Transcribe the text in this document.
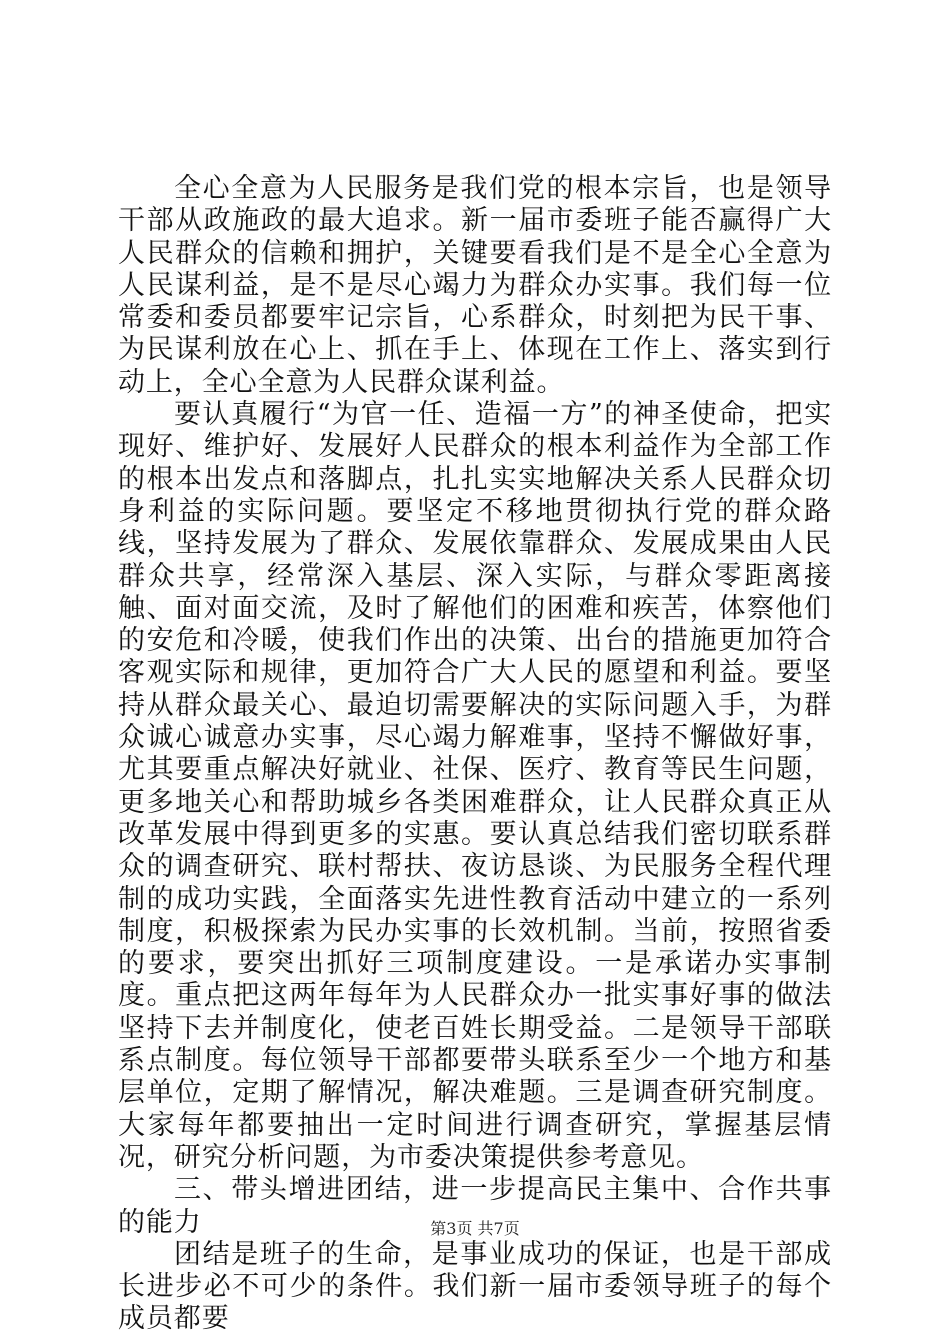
全心全意为人民服务是我们党的根本宗旨，也是领导干部从政施政的最大追求。新一届市委班子能否赢得广大人民群众的信赖和拥护，关键要看我们是不是全心全意为人民谋利益，是不是尽心竭力为群众办实事。我们每一位常委和委员都要牢记宗旨，心系群众，时刻把为民干事、为民谋利放在心上、抓在手上、体现在工作上、落实到行动上，全心全意为人民群众谋利益。

要认真履行“为官一任、造福一方”的神圣使命，把实现好、维护好、发展好人民群众的根本利益作为全部工作的根本出发点和落脚点，扎扎实实地解决关系人民群众切身利益的实际问题。要坚定不移地贯彻执行党的群众路线，坚持发展为了群众、发展依靠群众、发展成果由人民群众共享，经常深入基层、深入实际，与群众零距离接触、面对面交流，及时了解他们的困难和疾苦，体察他们的安危和冷暖，使我们作出的决策、出台的措施更加符合客观实际和规律，更加符合广大人民的愿望和利益。要坚持从群众最关心、最迫切需要解决的实际问题入手，为群众诚心诚意办实事，尽心竭力解难事，坚持不懈做好事，尤其要重点解决好就业、社保、医疗、教育等民生问题，更多地关心和帮助城乡各类困难群众，让人民群众真正从改革发展中得到更多的实惠。要认真总结我们密切联系群众的调查研究、联村帮扶、夜访恳谈、为民服务全程代理制的成功实践，全面落实先进性教育活动中建立的一系列制度，积极探索为民办实事的长效机制。当前，按照省委的要求，要突出抓好三项制度建设。一是承诺办实事制度。重点把这两年每年为人民群众办一批实事好事的做法坚持下去并制度化，使老百姓长期受益。二是领导干部联系点制度。每位领导干部都要带头联系至少一个地方和基层单位，定期了解情况，解决难题。三是调查研究制度。大家每年都要抽出一定时间进行调查研究，掌握基层情况，研究分析问题，为市委决策提供参考意见。

三、带头增进团结，进一步提高民主集中、合作共事的能力

团结是班子的生命，是事业成功的保证，也是干部成长进步必不可少的条件。我们新一届市委领导班子的每个成员都要

第3页 共7页
